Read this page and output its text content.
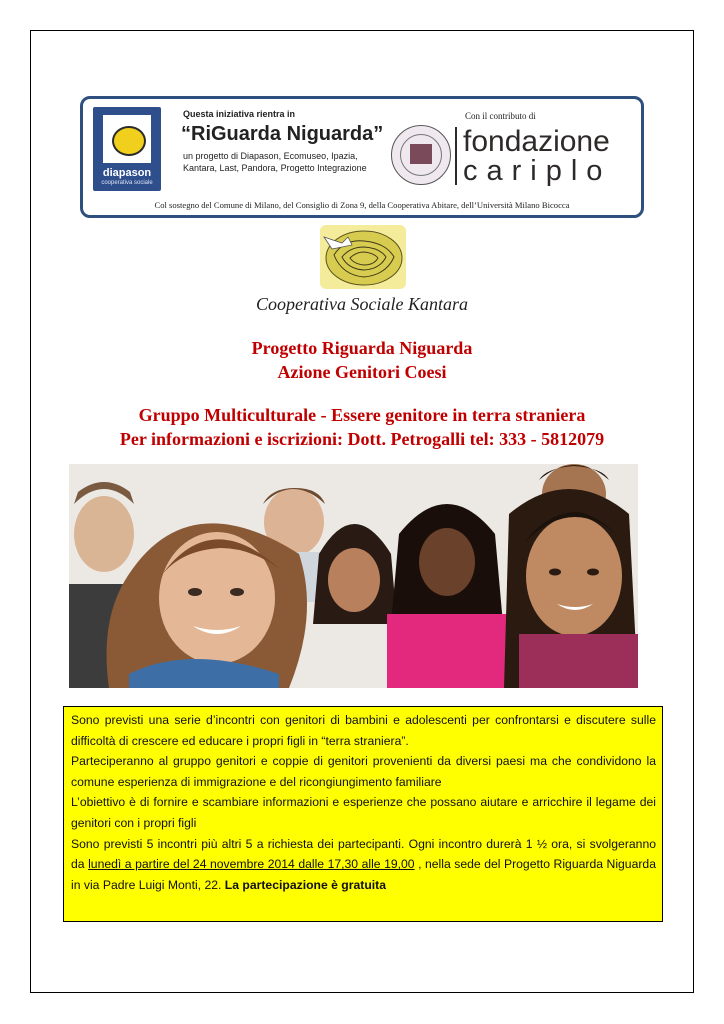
diapason
cooperativa sociale
Questa iniziativa rientra in
“RiGuarda Niguarda”
un progetto di Diapason, Ecomuseo, Ipazia, Kantara, Last, Pandora, Progetto Integrazione
Con il contributo di
fondazione
cariplo
Col sostegno del Comune di Milano, del Consiglio di Zona 9, della Cooperativa Abitare, dell’Università Milano Bicocca
Cooperativa Sociale Kantara
Progetto Riguarda Niguarda
Azione Genitori Coesi
Gruppo Multiculturale - Essere genitore in terra straniera
Per informazioni e iscrizioni: Dott. Petrogalli tel: 333 - 5812079

Sono previsti una serie d’incontri con genitori di bambini e adolescenti per confrontarsi e discutere sulle difficoltà di crescere ed educare i propri figli in “terra straniera”.

Parteciperanno al gruppo genitori e coppie di genitori provenienti da diversi paesi ma che condividono la comune esperienza di immigrazione e del ricongiungimento familiare

L’obiettivo è di fornire e scambiare informazioni e esperienze che possano aiutare e arricchire il legame dei genitori con i propri figli

Sono previsti 5 incontri più altri 5 a richiesta dei partecipanti. Ogni incontro durerà 1 ½ ora, si svolgeranno da lunedì a partire del 24 novembre 2014 dalle 17,30 alle 19,00 , nella sede del Progetto Riguarda Niguarda in via Padre Luigi Monti, 22. La partecipazione è gratuita
